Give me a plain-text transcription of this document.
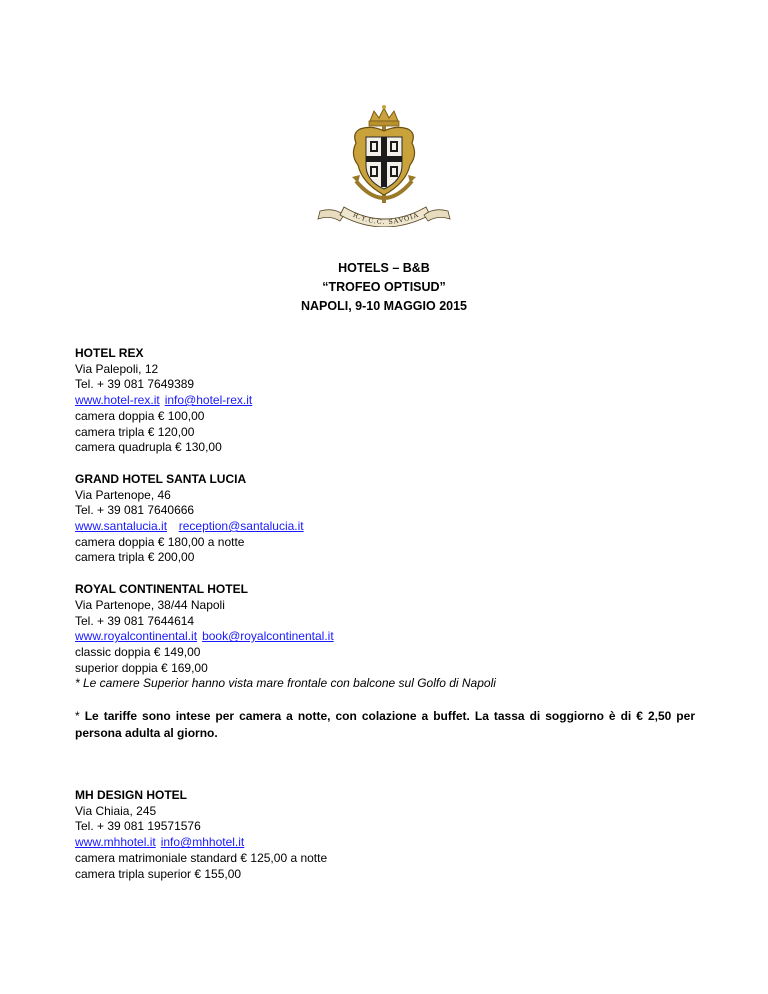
R.Y.C.C. SAVOIA
HOTELS – B&B
“TROFEO OPTISUD”
NAPOLI, 9-10 MAGGIO 2015
HOTEL REX
Via Palepoli, 12
Tel. + 39 081 7649389
www.hotel-rex.it info@hotel-rex.it
camera doppia € 100,00
camera tripla € 120,00
camera quadrupla € 130,00
GRAND HOTEL SANTA LUCIA
Via Partenope, 46
Tel. + 39 081 7640666
www.santalucia.it reception@santalucia.it
camera doppia € 180,00 a notte
camera tripla € 200,00
ROYAL CONTINENTAL HOTEL
Via Partenope, 38/44 Napoli
Tel. + 39 081 7644614
www.royalcontinental.it book@royalcontinental.it
classic doppia € 149,00
superior doppia € 169,00
* Le camere Superior hanno vista mare frontale con balcone sul Golfo di Napoli
* Le tariffe sono intese per camera a notte, con colazione a buffet. La tassa di soggiorno è di € 2,50 per persona adulta al giorno.
MH DESIGN HOTEL
Via Chiaia, 245
Tel. + 39 081 19571576
www.mhhotel.it info@mhhotel.it
camera matrimoniale standard € 125,00 a notte
camera tripla superior € 155,00
